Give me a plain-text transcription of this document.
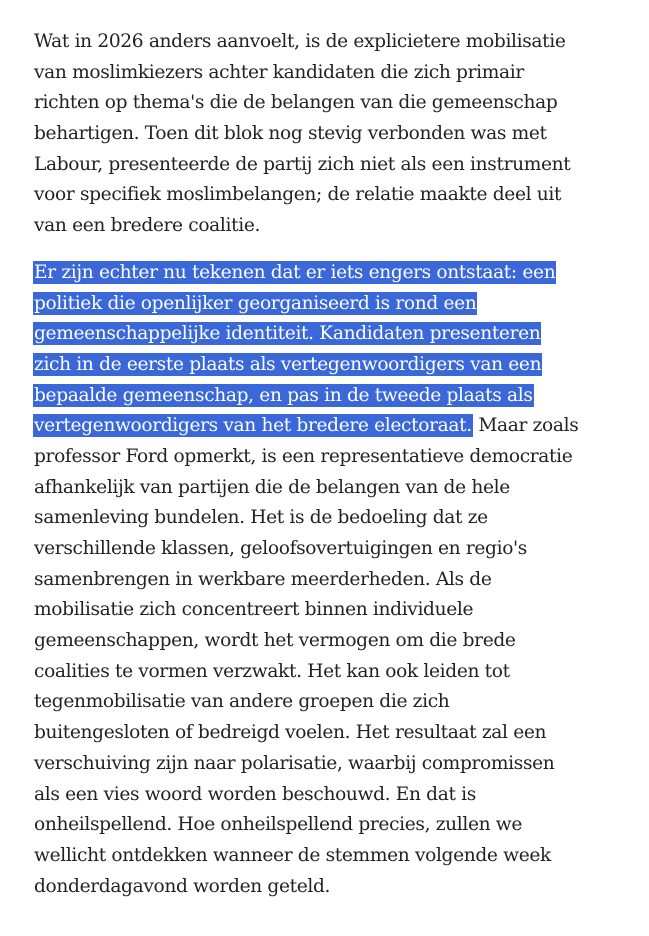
Wat in 2026 anders aanvoelt, is de explicietere mobilisatie
van moslimkiezers achter kandidaten die zich primair
richten op thema's die de belangen van die gemeenschap
behartigen. Toen dit blok nog stevig verbonden was met
Labour, presenteerde de partij zich niet als een instrument
voor specifiek moslimbelangen; de relatie maakte deel uit
van een bredere coalitie.
Er zijn echter nu tekenen dat er iets engers ontstaat: een
politiek die openlijker georganiseerd is rond een
gemeenschappelijke identiteit. Kandidaten presenteren
zich in de eerste plaats als vertegenwoordigers van een
bepaalde gemeenschap, en pas in de tweede plaats als
vertegenwoordigers van het bredere electoraat. Maar zoals
professor Ford opmerkt, is een representatieve democratie
afhankelijk van partijen die de belangen van de hele
samenleving bundelen. Het is de bedoeling dat ze
verschillende klassen, geloofsovertuigingen en regio's
samenbrengen in werkbare meerderheden. Als de
mobilisatie zich concentreert binnen individuele
gemeenschappen, wordt het vermogen om die brede
coalities te vormen verzwakt. Het kan ook leiden tot
tegenmobilisatie van andere groepen die zich
buitengesloten of bedreigd voelen. Het resultaat zal een
verschuiving zijn naar polarisatie, waarbij compromissen
als een vies woord worden beschouwd. En dat is
onheilspellend. Hoe onheilspellend precies, zullen we
wellicht ontdekken wanneer de stemmen volgende week
donderdagavond worden geteld.
